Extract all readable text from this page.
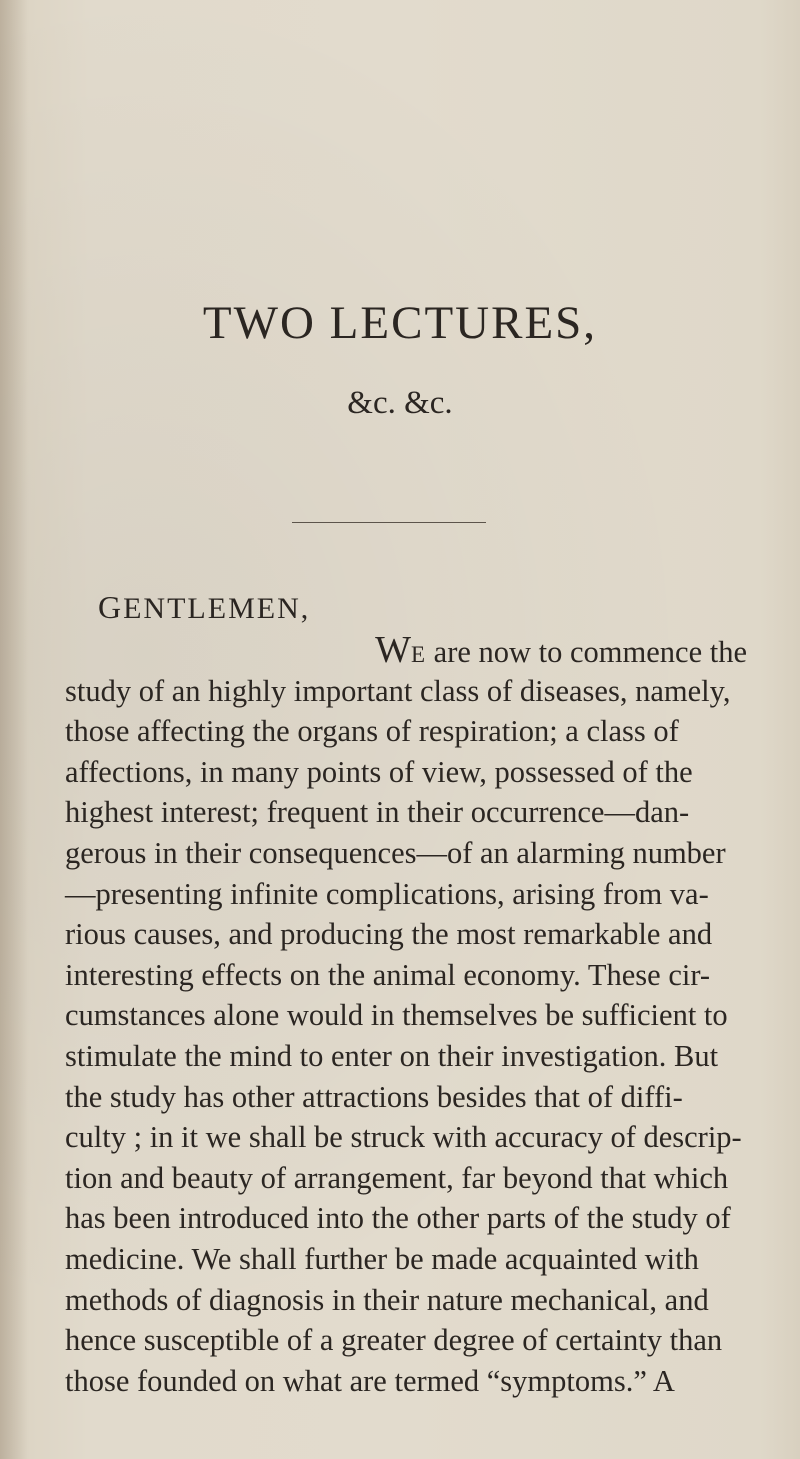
TWO LECTURES,
&c. &c.

GENTLEMEN,

WE are now to commence the
study of an highly important class of diseases, namely,
those affecting the organs of respiration; a class of
affections, in many points of view, possessed of the
highest interest; frequent in their occurrence—dan-
gerous in their consequences—of an alarming number
—presenting infinite complications, arising from va-
rious causes, and producing the most remarkable and
interesting effects on the animal economy. These cir-
cumstances alone would in themselves be sufficient to
stimulate the mind to enter on their investigation. But
the study has other attractions besides that of diffi-
culty ; in it we shall be struck with accuracy of descrip-
tion and beauty of arrangement, far beyond that which
has been introduced into the other parts of the study of
medicine. We shall further be made acquainted with
methods of diagnosis in their nature mechanical, and
hence susceptible of a greater degree of certainty than
those founded on what are termed “symptoms.” A
